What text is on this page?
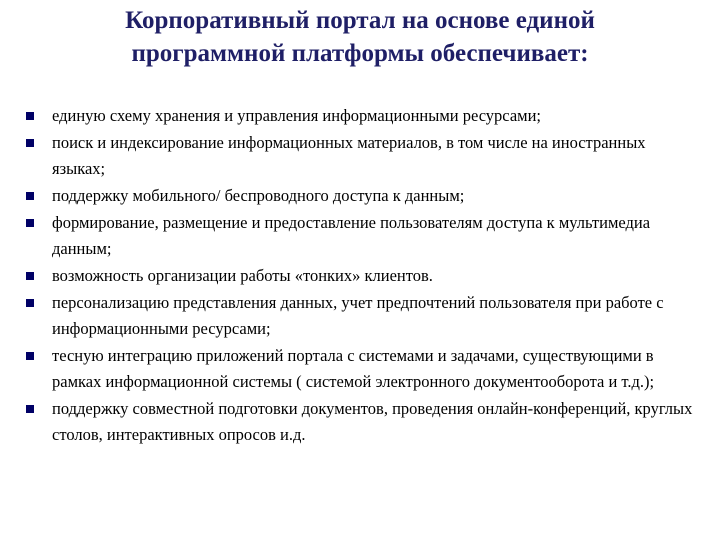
Корпоративный портал на основе единой
программной платформы обеспечивает:
единую схему хранения и управления информационными ресурсами;
поиск и индексирование информационных материалов, в том числе на иностранных языках;
поддержку мобильного/ беспроводного доступа к данным;
формирование, размещение и предоставление пользователям доступа к мультимедиа данным;
возможность организации работы «тонких» клиентов.
персонализацию представления данных, учет предпочтений пользователя при работе с информационными ресурсами;
тесную интеграцию приложений портала с системами и задачами, существующими в рамках информационной системы ( системой электронного документооборота и т.д.);
поддержку совместной подготовки документов, проведения онлайн-конференций, круглых столов, интерактивных опросов и.д.
